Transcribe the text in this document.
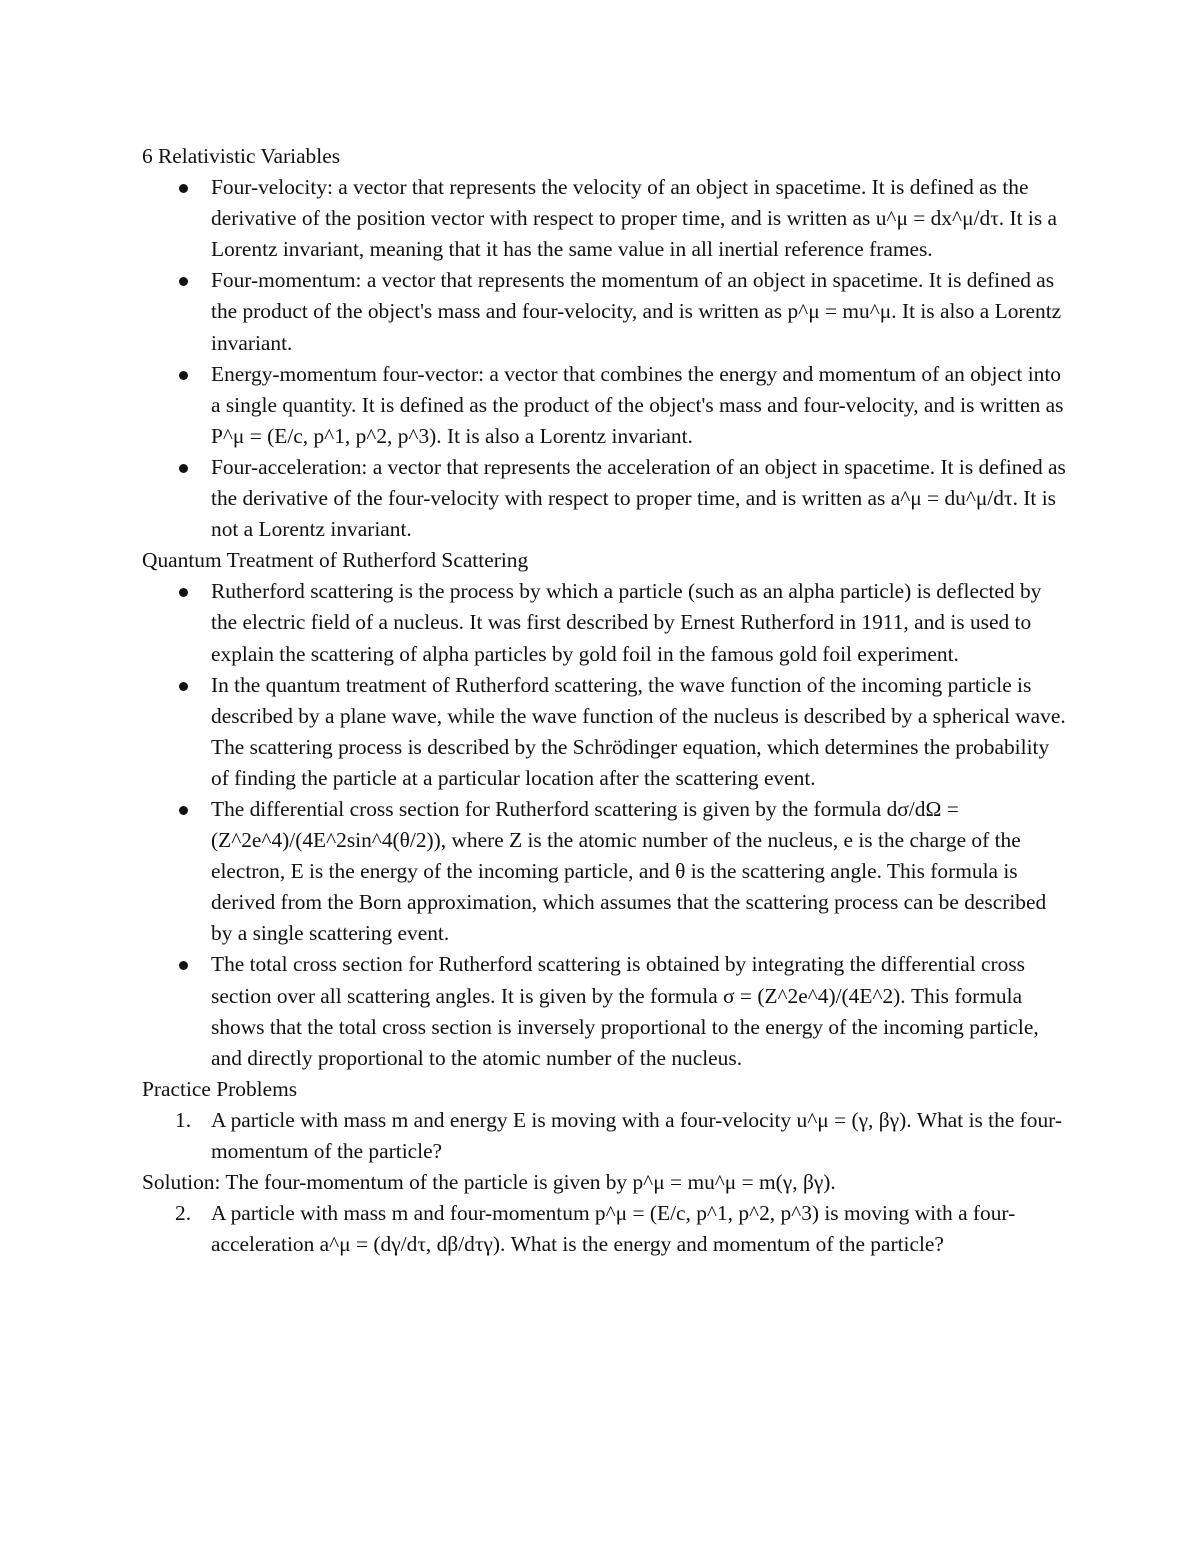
6 Relativistic Variables

Four-velocity: a vector that represents the velocity of an object in spacetime. It is defined as the derivative of the position vector with respect to proper time, and is written as u^μ = dx^μ/dτ. It is a Lorentz invariant, meaning that it has the same value in all inertial reference frames.
Four-momentum: a vector that represents the momentum of an object in spacetime. It is defined as the product of the object's mass and four-velocity, and is written as p^μ = mu^μ. It is also a Lorentz invariant.
Energy-momentum four-vector: a vector that combines the energy and momentum of an object into a single quantity. It is defined as the product of the object's mass and four-velocity, and is written as P^μ = (E/c, p^1, p^2, p^3). It is also a Lorentz invariant.
Four-acceleration: a vector that represents the acceleration of an object in spacetime. It is defined as the derivative of the four-velocity with respect to proper time, and is written as a^μ = du^μ/dτ. It is not a Lorentz invariant.

Quantum Treatment of Rutherford Scattering

Rutherford scattering is the process by which a particle (such as an alpha particle) is deflected by the electric field of a nucleus. It was first described by Ernest Rutherford in 1911, and is used to explain the scattering of alpha particles by gold foil in the famous gold foil experiment.
In the quantum treatment of Rutherford scattering, the wave function of the incoming particle is described by a plane wave, while the wave function of the nucleus is described by a spherical wave. The scattering process is described by the Schrödinger equation, which determines the probability of finding the particle at a particular location after the scattering event.
The differential cross section for Rutherford scattering is given by the formula dσ/dΩ = (Z^2e^4)/(4E^2sin^4(θ/2)), where Z is the atomic number of the nucleus, e is the charge of the electron, E is the energy of the incoming particle, and θ is the scattering angle. This formula is derived from the Born approximation, which assumes that the scattering process can be described by a single scattering event.
The total cross section for Rutherford scattering is obtained by integrating the differential cross section over all scattering angles. It is given by the formula σ = (Z^2e^4)/(4E^2). This formula shows that the total cross section is inversely proportional to the energy of the incoming particle, and directly proportional to the atomic number of the nucleus.

Practice Problems

1. A particle with mass m and energy E is moving with a four-velocity u^μ = (γ, βγ). What is the four-momentum of the particle?

Solution: The four-momentum of the particle is given by p^μ = mu^μ = m(γ, βγ).

2. A particle with mass m and four-momentum p^μ = (E/c, p^1, p^2, p^3) is moving with a four-acceleration a^μ = (dγ/dτ, dβ/dτγ). What is the energy and momentum of the particle?
